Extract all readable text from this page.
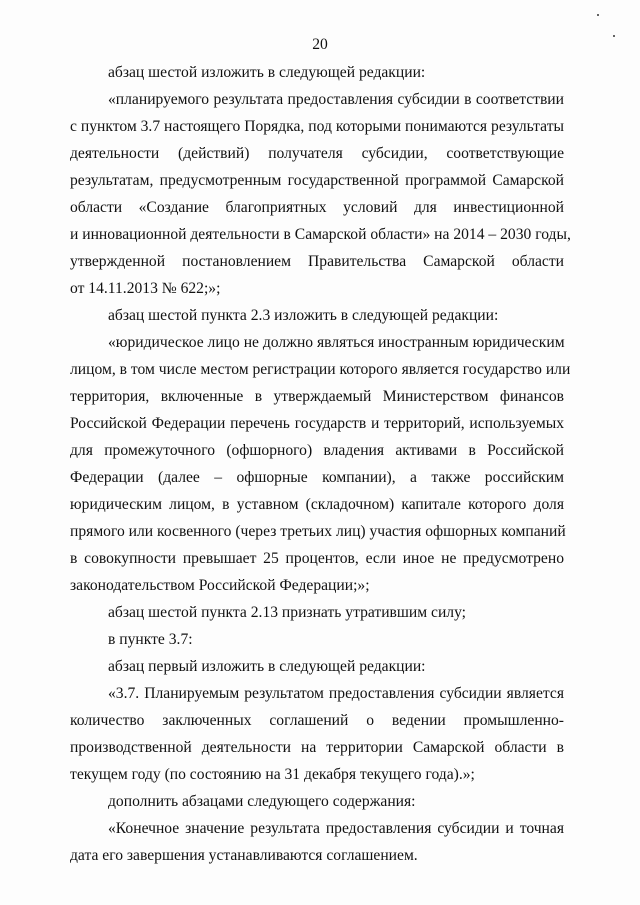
20
абзац шестой изложить в следующей редакции:
«планируемого результата предоставления субсидии в соответствии
с пунктом 3.7 настоящего Порядка, под которыми понимаются результаты
деятельности (действий) получателя субсидии, соответствующие
результатам, предусмотренным государственной программой Самарской
области «Создание благоприятных условий для инвестиционной
и инновационной деятельности в Самарской области» на 2014 – 2030 годы,
утвержденной постановлением Правительства Самарской области
от 14.11.2013 № 622;»;
абзац шестой пункта 2.3 изложить в следующей редакции:
«юридическое лицо не должно являться иностранным юридическим
лицом, в том числе местом регистрации которого является государство или
территория, включенные в утверждаемый Министерством финансов
Российской Федерации перечень государств и территорий, используемых
для промежуточного (офшорного) владения активами в Российской
Федерации (далее – офшорные компании), а также российским
юридическим лицом, в уставном (складочном) капитале которого доля
прямого или косвенного (через третьих лиц) участия офшорных компаний
в совокупности превышает 25 процентов, если иное не предусмотрено
законодательством Российской Федерации;»;
абзац шестой пункта 2.13 признать утратившим силу;
в пункте 3.7:
абзац первый изложить в следующей редакции:
«3.7. Планируемым результатом предоставления субсидии является
количество заключенных соглашений о ведении промышленно-
производственной деятельности на территории Самарской области в
текущем году (по состоянию на 31 декабря текущего года).»;
дополнить абзацами следующего содержания:
«Конечное значение результата предоставления субсидии и точная
дата его завершения устанавливаются соглашением.
